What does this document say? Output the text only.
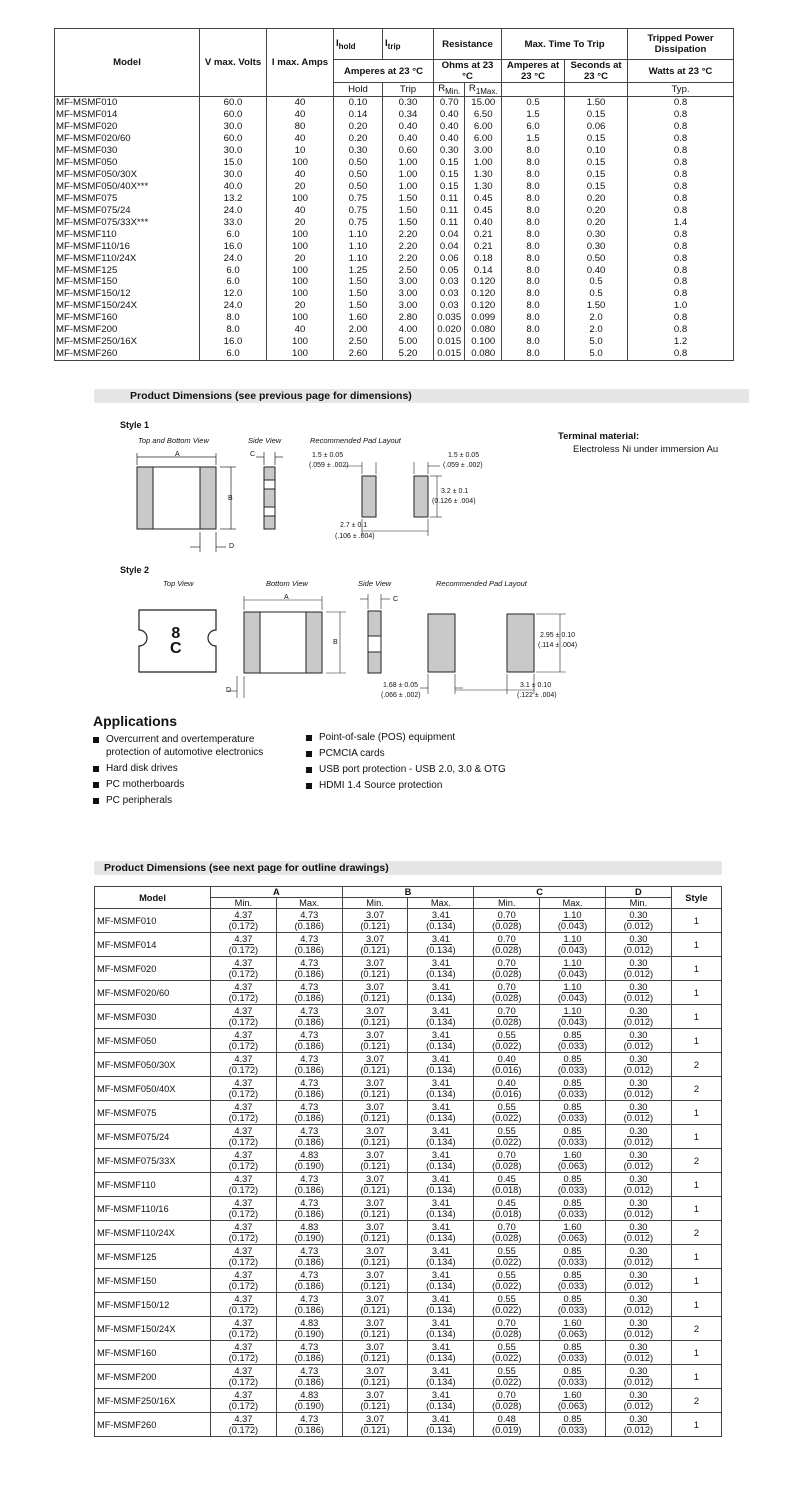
Model	V max. Volts	I max. Amps	$I_{hold}$	$I_{trip}$	Resistance		Max. Time To Trip		Tripped Power Dissipation
			Amperes at 23 °C		Ohms at 23 °C		Amperes at 23 °C	Seconds at 23 °C	Watts at 23 °C
			Hold	Trip	$R_{Min.}$	$R_{1Max.}$			Typ.
MF-MSMF010	60.0	40	0.10	0.30	0.70	15.00	0.5	1.50	0.8
MF-MSMF014	60.0	40	0.14	0.34	0.40	6.50	1.5	0.15	0.8
MF-MSMF020	30.0	80	0.20	0.40	0.40	6.00	6.0	0.06	0.8
MF-MSMF020/60	60.0	40	0.20	0.40	0.40	6.00	1.5	0.15	0.8
MF-MSMF030	30.0	10	0.30	0.60	0.30	3.00	8.0	0.10	0.8
MF-MSMF050	15.0	100	0.50	1.00	0.15	1.00	8.0	0.15	0.8
MF-MSMF050/30X	30.0	40	0.50	1.00	0.15	1.30	8.0	0.15	0.8
MF-MSMF050/40X***	40.0	20	0.50	1.00	0.15	1.30	8.0	0.15	0.8
MF-MSMF075	13.2	100	0.75	1.50	0.11	0.45	8.0	0.20	0.8
MF-MSMF075/24	24.0	40	0.75	1.50	0.11	0.45	8.0	0.20	0.8
MF-MSMF075/33X***	33.0	20	0.75	1.50	0.11	0.40	8.0	0.20	1.4
MF-MSMF110	6.0	100	1.10	2.20	0.04	0.21	8.0	0.30	0.8
MF-MSMF110/16	16.0	100	1.10	2.20	0.04	0.21	8.0	0.30	0.8
MF-MSMF110/24X	24.0	20	1.10	2.20	0.06	0.18	8.0	0.50	0.8
MF-MSMF125	6.0	100	1.25	2.50	0.05	0.14	8.0	0.40	0.8
MF-MSMF150	6.0	100	1.50	3.00	0.03	0.120	8.0	0.5	0.8
MF-MSMF150/12	12.0	100	1.50	3.00	0.03	0.120	8.0	0.5	0.8
MF-MSMF150/24X	24.0	20	1.50	3.00	0.03	0.120	8.0	1.50	1.0
MF-MSMF160	8.0	100	1.60	2.80	0.035	0.099	8.0	2.0	0.8
MF-MSMF200	8.0	40	2.00	4.00	0.020	0.080	8.0	2.0	0.8
MF-MSMF250/16X	16.0	100	2.50	5.00	0.015	0.100	8.0	5.0	1.2
MF-MSMF260	6.0	100	2.60	5.20	0.015	0.080	8.0	5.0	0.8
Product Dimensions (see previous page for dimensions)
Style 1
Top and Bottom View	Side View	Recommended Pad Layout	Terminal material:
Electroless Ni under immersion Au
A
B
C
D
1.5 ± 0.05
(.059 ± .002)
1.5 ± 0.05
(.059 ± .002)
3.2 ± 0.1
(0.126 ± .004)
2.7 ± 0.1
(.106 ± .004)
Style 2
Top View	Bottom View	Side View	Recommended Pad Layout
8
C
A
B
C
D
2.95 ± 0.10
(.114 ± .004)
1.68 ± 0.05
(.066 ± .002)
3.1 ± 0.10
(.122 ± .004)
Applications
Overcurrent and overtemperature
protection of automotive electronics
Hard disk drives
PC motherboards
PC peripherals
Point-of-sale (POS) equipment
PCMCIA cards
USB port protection - USB 2.0, 3.0 & OTG
HDMI 1.4 Source protection
Product Dimensions (see next page for outline drawings)
Model	A		B		C		D	Style
	Min.	Max.	Min.	Max.	Min.	Max.	Min.	
MF-MSMF010	4.37
(0.172)	4.73
(0.186)	3.07
(0.121)	3.41
(0.134)	0.70
(0.028)	1.10
(0.043)	0.30
(0.012)	1
MF-MSMF014	4.37
(0.172)	4.73
(0.186)	3.07
(0.121)	3.41
(0.134)	0.70
(0.028)	1.10
(0.043)	0.30
(0.012)	1
MF-MSMF020	4.37
(0.172)	4.73
(0.186)	3.07
(0.121)	3.41
(0.134)	0.70
(0.028)	1.10
(0.043)	0.30
(0.012)	1
MF-MSMF020/60	4.37
(0.172)	4.73
(0.186)	3.07
(0.121)	3.41
(0.134)	0.70
(0.028)	1.10
(0.043)	0.30
(0.012)	1
MF-MSMF030	4.37
(0.172)	4.73
(0.186)	3.07
(0.121)	3.41
(0.134)	0.70
(0.028)	1.10
(0.043)	0.30
(0.012)	1
MF-MSMF050	4.37
(0.172)	4.73
(0.186)	3.07
(0.121)	3.41
(0.134)	0.55
(0.022)	0.85
(0.033)	0.30
(0.012)	1
MF-MSMF050/30X	4.37
(0.172)	4.73
(0.186)	3.07
(0.121)	3.41
(0.134)	0.40
(0.016)	0.85
(0.033)	0.30
(0.012)	2
MF-MSMF050/40X	4.37
(0.172)	4.73
(0.186)	3.07
(0.121)	3.41
(0.134)	0.40
(0.016)	0.85
(0.033)	0.30
(0.012)	2
MF-MSMF075	4.37
(0.172)	4.73
(0.186)	3.07
(0.121)	3.41
(0.134)	0.55
(0.022)	0.85
(0.033)	0.30
(0.012)	1
MF-MSMF075/24	4.37
(0.172)	4.73
(0.186)	3.07
(0.121)	3.41
(0.134)	0.55
(0.022)	0.85
(0.033)	0.30
(0.012)	1
MF-MSMF075/33X	4.37
(0.172)	4.83
(0.190)	3.07
(0.121)	3.41
(0.134)	0.70
(0.028)	1.60
(0.063)	0.30
(0.012)	2
MF-MSMF110	4.37
(0.172)	4.73
(0.186)	3.07
(0.121)	3.41
(0.134)	0.45
(0.018)	0.85
(0.033)	0.30
(0.012)	1
MF-MSMF110/16	4.37
(0.172)	4.73
(0.186)	3.07
(0.121)	3.41
(0.134)	0.45
(0.018)	0.85
(0.033)	0.30
(0.012)	1
MF-MSMF110/24X	4.37
(0.172)	4.83
(0.190)	3.07
(0.121)	3.41
(0.134)	0.70
(0.028)	1.60
(0.063)	0.30
(0.012)	2
MF-MSMF125	4.37
(0.172)	4.73
(0.186)	3.07
(0.121)	3.41
(0.134)	0.55
(0.022)	0.85
(0.033)	0.30
(0.012)	1
MF-MSMF150	4.37
(0.172)	4.73
(0.186)	3.07
(0.121)	3.41
(0.134)	0.55
(0.022)	0.85
(0.033)	0.30
(0.012)	1
MF-MSMF150/12	4.37
(0.172)	4.73
(0.186)	3.07
(0.121)	3.41
(0.134)	0.55
(0.022)	0.85
(0.033)	0.30
(0.012)	1
MF-MSMF150/24X	4.37
(0.172)	4.83
(0.190)	3.07
(0.121)	3.41
(0.134)	0.70
(0.028)	1.60
(0.063)	0.30
(0.012)	2
MF-MSMF160	4.37
(0.172)	4.73
(0.186)	3.07
(0.121)	3.41
(0.134)	0.55
(0.022)	0.85
(0.033)	0.30
(0.012)	1
MF-MSMF200	4.37
(0.172)	4.73
(0.186)	3.07
(0.121)	3.41
(0.134)	0.55
(0.022)	0.85
(0.033)	0.30
(0.012)	1
MF-MSMF250/16X	4.37
(0.172)	4.83
(0.190)	3.07
(0.121)	3.41
(0.134)	0.70
(0.028)	1.60
(0.063)	0.30
(0.012)	2
MF-MSMF260	4.37
(0.172)	4.73
(0.186)	3.07
(0.121)	3.41
(0.134)	0.48
(0.019)	0.85
(0.033)	0.30
(0.012)	1
